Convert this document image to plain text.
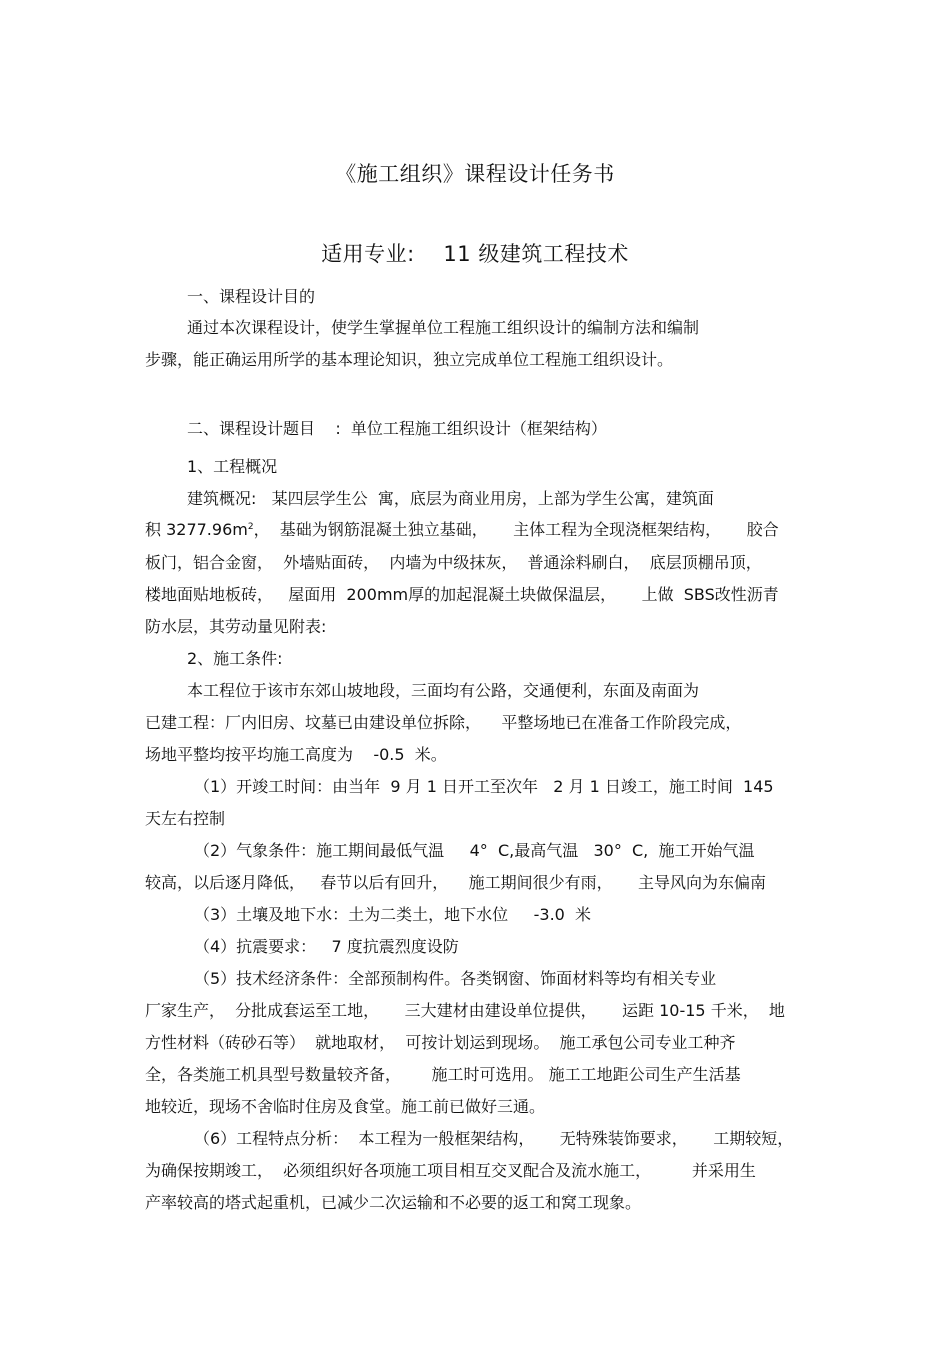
《施工组织》课程设计任务书
适用专业:    11 级建筑工程技术
一、课程设计目的
通过本次课程设计，使学生掌握单位工程施工组织设计的编制方法和编制
步骤，能正确运用所学的基本理论知识，独立完成单位工程施工组织设计。
二、课程设计题目    :  单位工程施工组织设计（框架结构）
1、工程概况
建筑概况:   某四层学生公  寓，底层为商业用房，上部为学生公寓，建筑面
积 $3277.96m^2$，  基础为钢筋混凝土独立基础，     主体工程为全现浇框架结构，     胶合
板门，铝合金窗，  外墙贴面砖，  内墙为中级抹灰，  普通涂料刷白，  底层顶棚吊顶，
楼地面贴地板砖，   屋面用  200mm厚的加起混凝土块做保温层，     上做  SBS改性沥青
防水层，其劳动量见附表:
2、施工条件:
本工程位于该市东郊山坡地段，三面均有公路，交通便利，东面及南面为
已建工程：厂内旧房、坟墓已由建设单位拆除，    平整场地已在准备工作阶段完成，
场地平整均按平均施工高度为    -0.5  米。
（1）开竣工时间：由当年  9 月 1 日开工至次年   2 月 1 日竣工，施工时间  145
天左右控制
（2）气象条件：施工期间最低气温     4°  C,最高气温   30°  C,  施工开始气温
较高，以后逐月降低，   春节以后有回升，    施工期间很少有雨，     主导风向为东偏南
（3）土壤及地下水：土为二类土，地下水位     -3.0  米
（4）抗震要求：   7 度抗震烈度设防
（5）技术经济条件：全部预制构件。各类钢窗、饰面材料等均有相关专业
厂家生产，  分批成套运至工地，     三大建材由建设单位提供，     运距 10-15 千米，  地
方性材料（砖砂石等）  就地取材，  可按计划运到现场。  施工承包公司专业工种齐
全，各类施工机具型号数量较齐备，      施工时可选用。 施工工地距公司生产生活基
地较近，现场不舍临时住房及食堂。施工前已做好三通。
（6）工程特点分析：  本工程为一般框架结构，     无特殊装饰要求，     工期较短，
为确保按期竣工，  必须组织好各项施工项目相互交叉配合及流水施工，        并采用生
产率较高的塔式起重机，已减少二次运输和不必要的返工和窝工现象。
